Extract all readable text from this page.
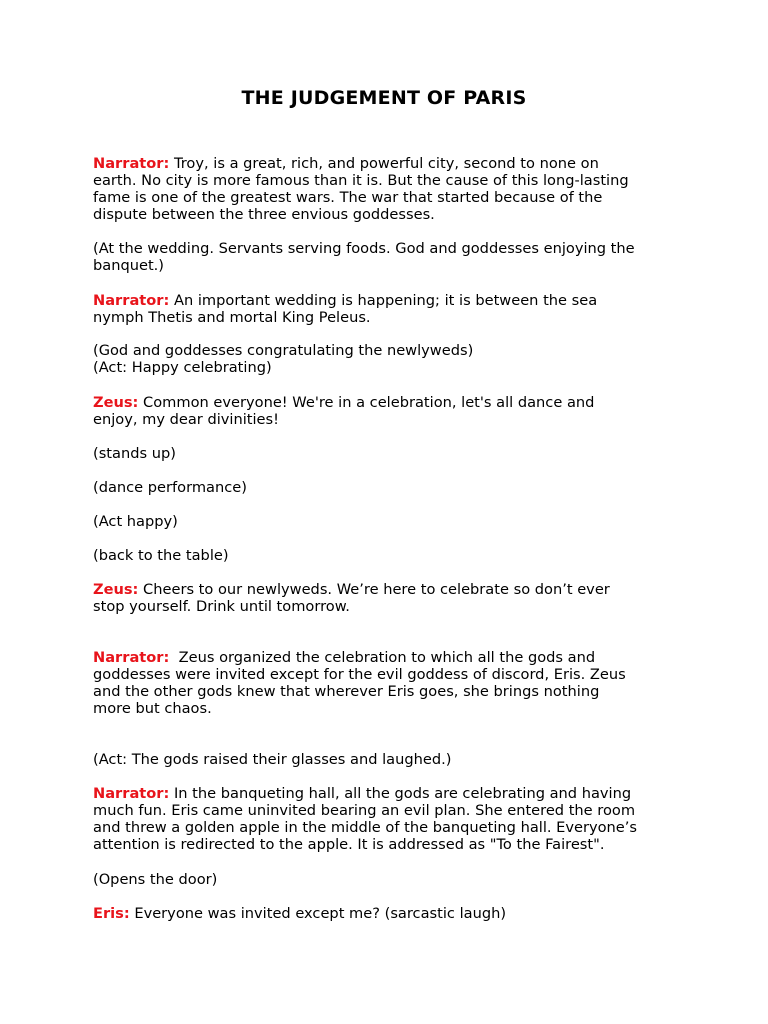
THE JUDGEMENT OF PARIS
Narrator: Troy, is a great, rich, and powerful city, second to none on
earth. No city is more famous than it is. But the cause of this long-lasting
fame is one of the greatest wars. The war that started because of the
dispute between the three envious goddesses.
(At the wedding. Servants serving foods. God and goddesses enjoying the
banquet.)
Narrator: An important wedding is happening; it is between the sea
nymph Thetis and mortal King Peleus.
(God and goddesses congratulating the newlyweds)
(Act: Happy celebrating)
Zeus: Common everyone! We're in a celebration, let's all dance and
enjoy, my dear divinities!
(stands up)
(dance performance)
(Act happy)
(back to the table)
Zeus: Cheers to our newlyweds. We’re here to celebrate so don’t ever
stop yourself. Drink until tomorrow.
Narrator:  Zeus organized the celebration to which all the gods and
goddesses were invited except for the evil goddess of discord, Eris. Zeus
and the other gods knew that wherever Eris goes, she brings nothing
more but chaos.
(Act: The gods raised their glasses and laughed.)
Narrator: In the banqueting hall, all the gods are celebrating and having
much fun. Eris came uninvited bearing an evil plan. She entered the room
and threw a golden apple in the middle of the banqueting hall. Everyone’s
attention is redirected to the apple. It is addressed as "To the Fairest".
(Opens the door)
Eris: Everyone was invited except me? (sarcastic laugh)
